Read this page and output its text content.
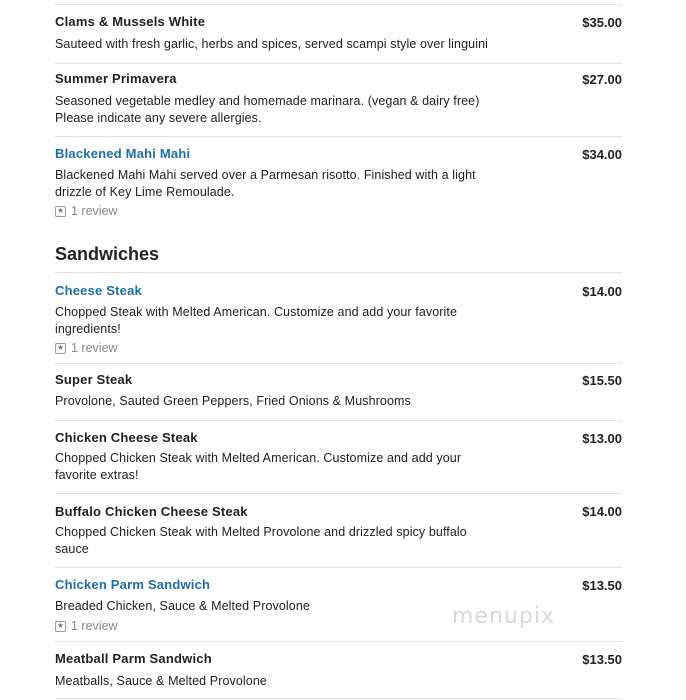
Clams & Mussels White	$35.00
Sauteed with fresh garlic, herbs and spices, served scampi style over linguini
Summer Primavera	$27.00
Seasoned vegetable medley and homemade marinara. (vegan & dairy free) Please indicate any severe allergies.
Blackened Mahi Mahi	$34.00
Blackened Mahi Mahi served over a Parmesan risotto. Finished with a light drizzle of Key Lime Remoulade.
★ 1 review
Sandwiches
Cheese Steak	$14.00
Chopped Steak with Melted American. Customize and add your favorite ingredients!
★ 1 review
Super Steak	$15.50
Provolone, Sauted Green Peppers, Fried Onions & Mushrooms
Chicken Cheese Steak	$13.00
Chopped Chicken Steak with Melted American. Customize and add your favorite extras!
Buffalo Chicken Cheese Steak	$14.00
Chopped Chicken Steak with Melted Provolone and drizzled spicy buffalo sauce
Chicken Parm Sandwich	$13.50
Breaded Chicken, Sauce & Melted Provolone
★ 1 review
Meatball Parm Sandwich	$13.50
Meatballs, Sauce & Melted Provolone
menupix
